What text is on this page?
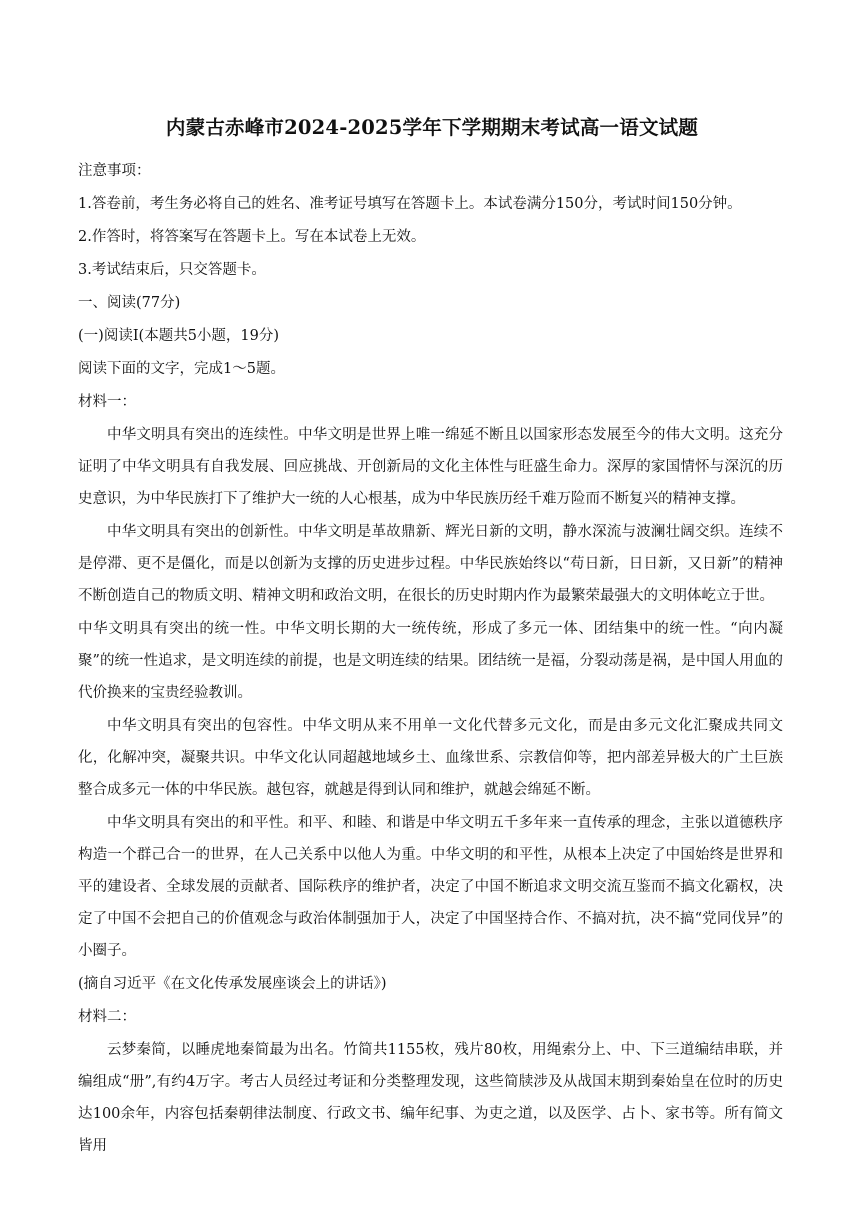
内蒙古赤峰市2024-2025学年下学期期末考试高一语文试题

注意事项：

1.答卷前，考生务必将自己的姓名、准考证号填写在答题卡上。本试卷满分150分，考试时间150分钟。

2.作答时，将答案写在答题卡上。写在本试卷上无效。

3.考试结束后，只交答题卡。

一、阅读(77分)

(一)阅读Ⅰ(本题共5小题，19分)

阅读下面的文字，完成1～5题。

材料一：

中华文明具有突出的连续性。中华文明是世界上唯一绵延不断且以国家形态发展至今的伟大文明。这充分证明了中华文明具有自我发展、回应挑战、开创新局的文化主体性与旺盛生命力。深厚的家国情怀与深沉的历史意识，为中华民族打下了维护大一统的人心根基，成为中华民族历经千难万险而不断复兴的精神支撑。

中华文明具有突出的创新性。中华文明是革故鼎新、辉光日新的文明，静水深流与波澜壮阔交织。连续不是停滞、更不是僵化，而是以创新为支撑的历史进步过程。中华民族始终以“苟日新，日日新，又日新”的精神不断创造自己的物质文明、精神文明和政治文明，在很长的历史时期内作为最繁荣最强大的文明体屹立于世。

中华文明具有突出的统一性。中华文明长期的大一统传统，形成了多元一体、团结集中的统一性。“向内凝聚”的统一性追求，是文明连续的前提，也是文明连续的结果。团结统一是福，分裂动荡是祸，是中国人用血的代价换来的宝贵经验教训。

中华文明具有突出的包容性。中华文明从来不用单一文化代替多元文化，而是由多元文化汇聚成共同文化，化解冲突，凝聚共识。中华文化认同超越地域乡土、血缘世系、宗教信仰等，把内部差异极大的广土巨族整合成多元一体的中华民族。越包容，就越是得到认同和维护，就越会绵延不断。

中华文明具有突出的和平性。和平、和睦、和谐是中华文明五千多年来一直传承的理念，主张以道德秩序构造一个群己合一的世界，在人己关系中以他人为重。中华文明的和平性，从根本上决定了中国始终是世界和平的建设者、全球发展的贡献者、国际秩序的维护者，决定了中国不断追求文明交流互鉴而不搞文化霸权，决定了中国不会把自己的价值观念与政治体制强加于人，决定了中国坚持合作、不搞对抗，决不搞“党同伐异”的小圈子。

(摘自习近平《在文化传承发展座谈会上的讲话》)

材料二：

云梦秦简，以睡虎地秦简最为出名。竹简共1155枚，残片80枚，用绳索分上、中、下三道编结串联，并编组成“册”,有约4万字。考古人员经过考证和分类整理发现，这些简牍涉及从战国末期到秦始皇在位时的历史达100余年，内容包括秦朝律法制度、行政文书、编年纪事、为吏之道，以及医学、占卜、家书等。所有简文皆用
